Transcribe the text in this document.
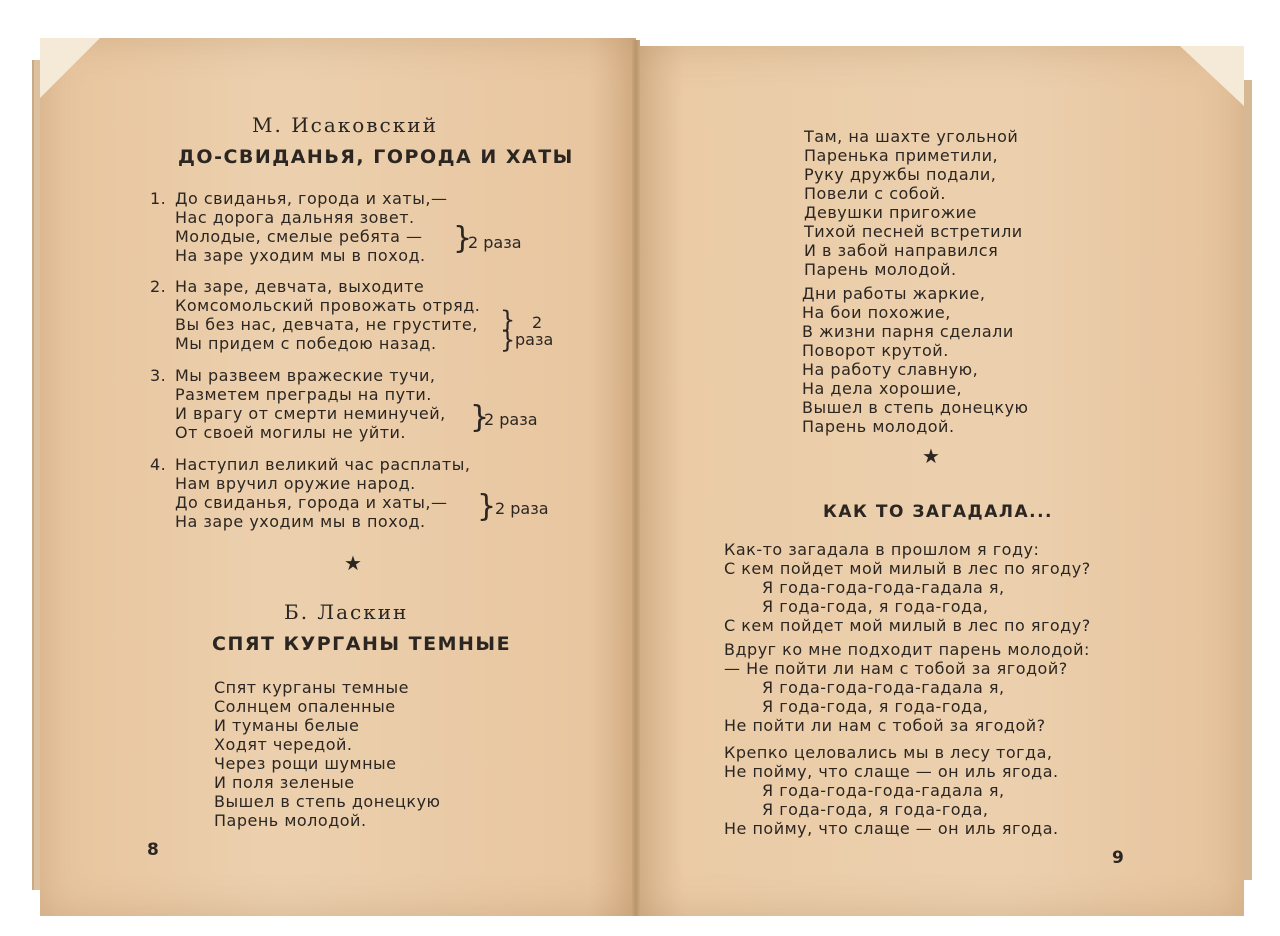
М. Исаковский
ДО-СВИДАНЬЯ, ГОРОДА И ХАТЫ
1. До свиданья, города и хаты,—
Нас дорога дальняя зовет.
Молодые, смелые ребята —
На заре уходим мы в поход. }
2 раза
2. На заре, девчата, выходите
Комсомольский провожать отряд.
Вы без нас, девчата, не грустите,
Мы придем с победою назад.
} 2
} раза
3. Мы развеем вражеские тучи,
Разметем преграды на пути.
И врагу от смерти неминучей,
От своей могилы не уйти.	}
2 раза
4. Наступил великий час расплаты,
Нам вручил оружие народ.
До свиданья, города и хаты,—
На заре уходим мы в поход.	}
2 раза
★
Б. Ласкин
СПЯТ КУРГАНЫ ТЕМНЫЕ
Спят курганы темные
Солнцем опаленные
И туманы белые
Ходят чередой.
Через рощи шумные
И поля зеленые
Вышел в степь донецкую
Парень молодой.
8
Там, на шахте угольной
Паренька приметили,
Руку дружбы подали,
Повели с собой.
Девушки пригожие
Тихой песней встретили
И в забой направился
Парень молодой.
Дни работы жаркие,
На бои похожие,
В жизни парня сделали
Поворот крутой.
На работу славную,
На дела хорошие,
Вышел в степь донецкую
Парень молодой.
★
КАК ТО ЗАГАДАЛА...
Как-то загадала в прошлом я году:
С кем пойдет мой милый в лес по ягоду?
Я года-года-года-гадала я,
Я года-года, я года-года,
С кем пойдет мой милый в лес по ягоду?
Вдруг ко мне подходит парень молодой:
— Не пойти ли нам с тобой за ягодой?
Я года-года-года-гадала я,
Я года-года, я года-года,
Не пойти ли нам с тобой за ягодой?
Крепко целовались мы в лесу тогда,
Не пойму, что слаще — он иль ягода.
Я года-года-года-гадала я,
Я года-года, я года-года,
Не пойму, что слаще — он иль ягода.
9
